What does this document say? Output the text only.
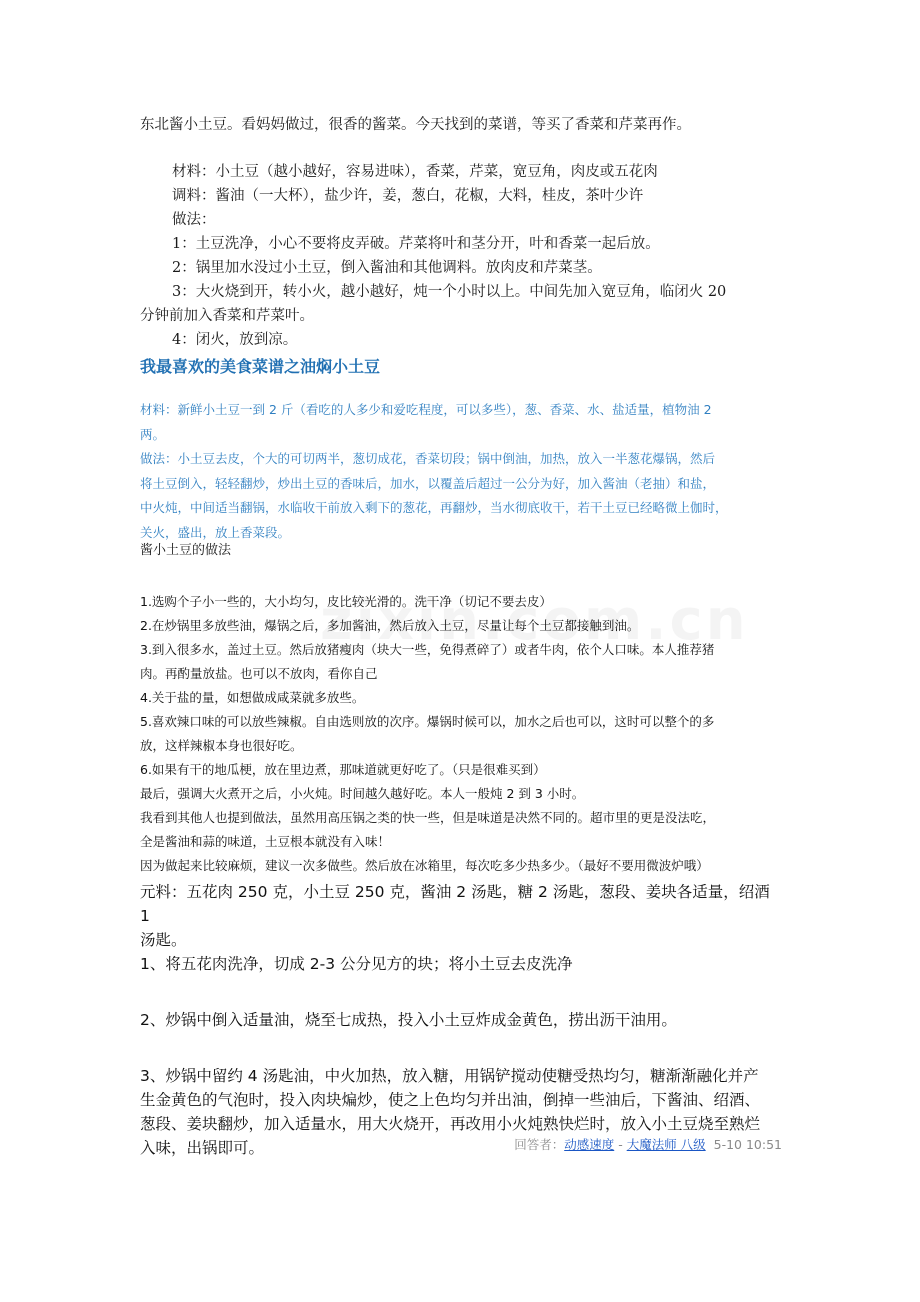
东北酱小土豆。看妈妈做过，很香的酱菜。今天找到的菜谱，等买了香菜和芹菜再作。
材料：小土豆（越小越好，容易进味），香菜，芹菜，宽豆角，肉皮或五花肉
调料：酱油（一大杯），盐少许，姜，葱白，花椒，大料，桂皮，茶叶少许
做法：
1：土豆洗净，小心不要将皮弄破。芹菜将叶和茎分开，叶和香菜一起后放。
2：锅里加水没过小土豆，倒入酱油和其他调料。放肉皮和芹菜茎。
3：大火烧到开，转小火，越小越好，炖一个小时以上。中间先加入宽豆角，临闭火 20
分钟前加入香菜和芹菜叶。
4：闭火，放到凉。
我最喜欢的美食菜谱之油焖小土豆
材料：新鲜小土豆一到 2 斤（看吃的人多少和爱吃程度，可以多些），葱、香菜、水、盐适量，植物油 2
两。
做法：小土豆去皮，个大的可切两半，葱切成花，香菜切段；锅中倒油，加热，放入一半葱花爆锅，然后
将土豆倒入，轻轻翻炒，炒出土豆的香味后，加水，以覆盖后超过一公分为好，加入酱油（老抽）和盐，
中火炖，中间适当翻锅，水临收干前放入剩下的葱花，再翻炒，当水彻底收干，若干土豆已经略微上伽时，
关火，盛出，放上香菜段。
酱小土豆的做法
1.选购个子小一些的，大小均匀，皮比较光滑的。洗干净（切记不要去皮）
2.在炒锅里多放些油，爆锅之后，多加酱油，然后放入土豆，尽量让每个土豆都接触到油。
3.到入很多水，盖过土豆。然后放猪瘦肉（块大一些，免得煮碎了）或者牛肉，依个人口味。本人推荐猪
肉。再酌量放盐。也可以不放肉，看你自己
4.关于盐的量，如想做成咸菜就多放些。
5.喜欢辣口味的可以放些辣椒。自由选则放的次序。爆锅时候可以，加水之后也可以，这时可以整个的多
放，这样辣椒本身也很好吃。
6.如果有干的地瓜梗，放在里边煮，那味道就更好吃了。（只是很难买到）
最后，强调大火煮开之后，小火炖。时间越久越好吃。本人一般炖 2 到 3 小时。
我看到其他人也提到做法，虽然用高压锅之类的快一些，但是味道是决然不同的。超市里的更是没法吃，
全是酱油和蒜的味道，土豆根本就没有入味！
因为做起来比较麻烦，建议一次多做些。然后放在冰箱里，每次吃多少热多少。（最好不要用微波炉哦）
元料：五花肉 250 克，小土豆 250 克，酱油 2 汤匙，糖 2 汤匙，葱段、姜块各适量，绍酒 1
汤匙。
1、将五花肉洗净，切成 2-3 公分见方的块；将小土豆去皮洗净
2、炒锅中倒入适量油，烧至七成热，投入小土豆炸成金黄色，捞出沥干油用。
3、炒锅中留约 4 汤匙油，中火加热，放入糖，用锅铲搅动使糖受热均匀，糖渐渐融化并产
生金黄色的气泡时，投入肉块煸炒，使之上色均匀并出油，倒掉一些油后，下酱油、绍酒、
葱段、姜块翻炒，加入适量水，用大火烧开，再改用小火炖熟快烂时，放入小土豆烧至熟烂
入味，出锅即可。	回答者：动感速度 - 大魔法师 八级 5-10 10:51
